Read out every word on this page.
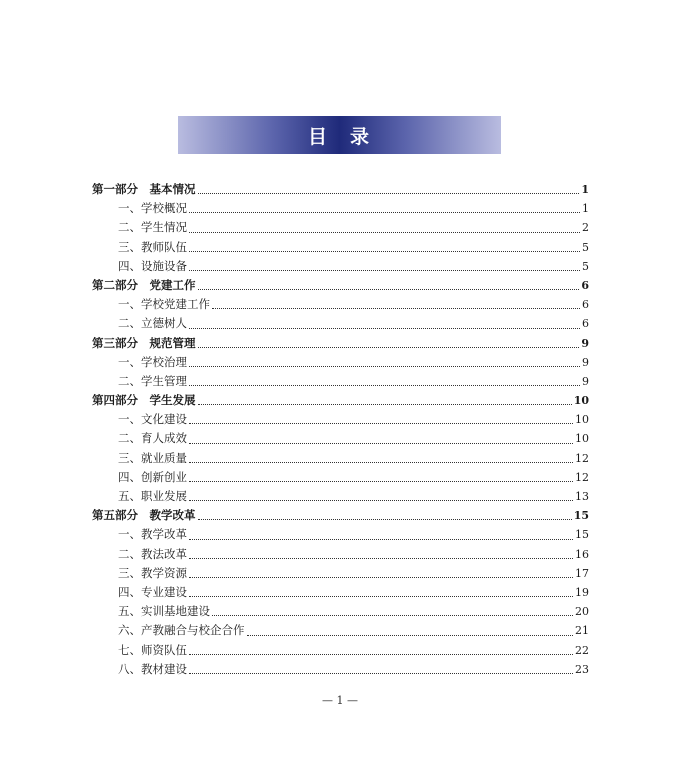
目　录
第一部分　基本情况	1
一、学校概况	1
二、学生情况	2
三、教师队伍	5
四、设施设备	5
第二部分　党建工作	6
一、学校党建工作	6
二、立德树人	6
第三部分　规范管理	9
一、学校治理	9
二、学生管理	9
第四部分　学生发展	10
一、文化建设	10
二、育人成效	10
三、就业质量	12
四、创新创业	12
五、职业发展	13
第五部分　教学改革	15
一、教学改革	15
二、教法改革	16
三、教学资源	17
四、专业建设	19
五、实训基地建设	20
六、产教融合与校企合作	21
七、师资队伍	22
八、教材建设	23
— 1 —
